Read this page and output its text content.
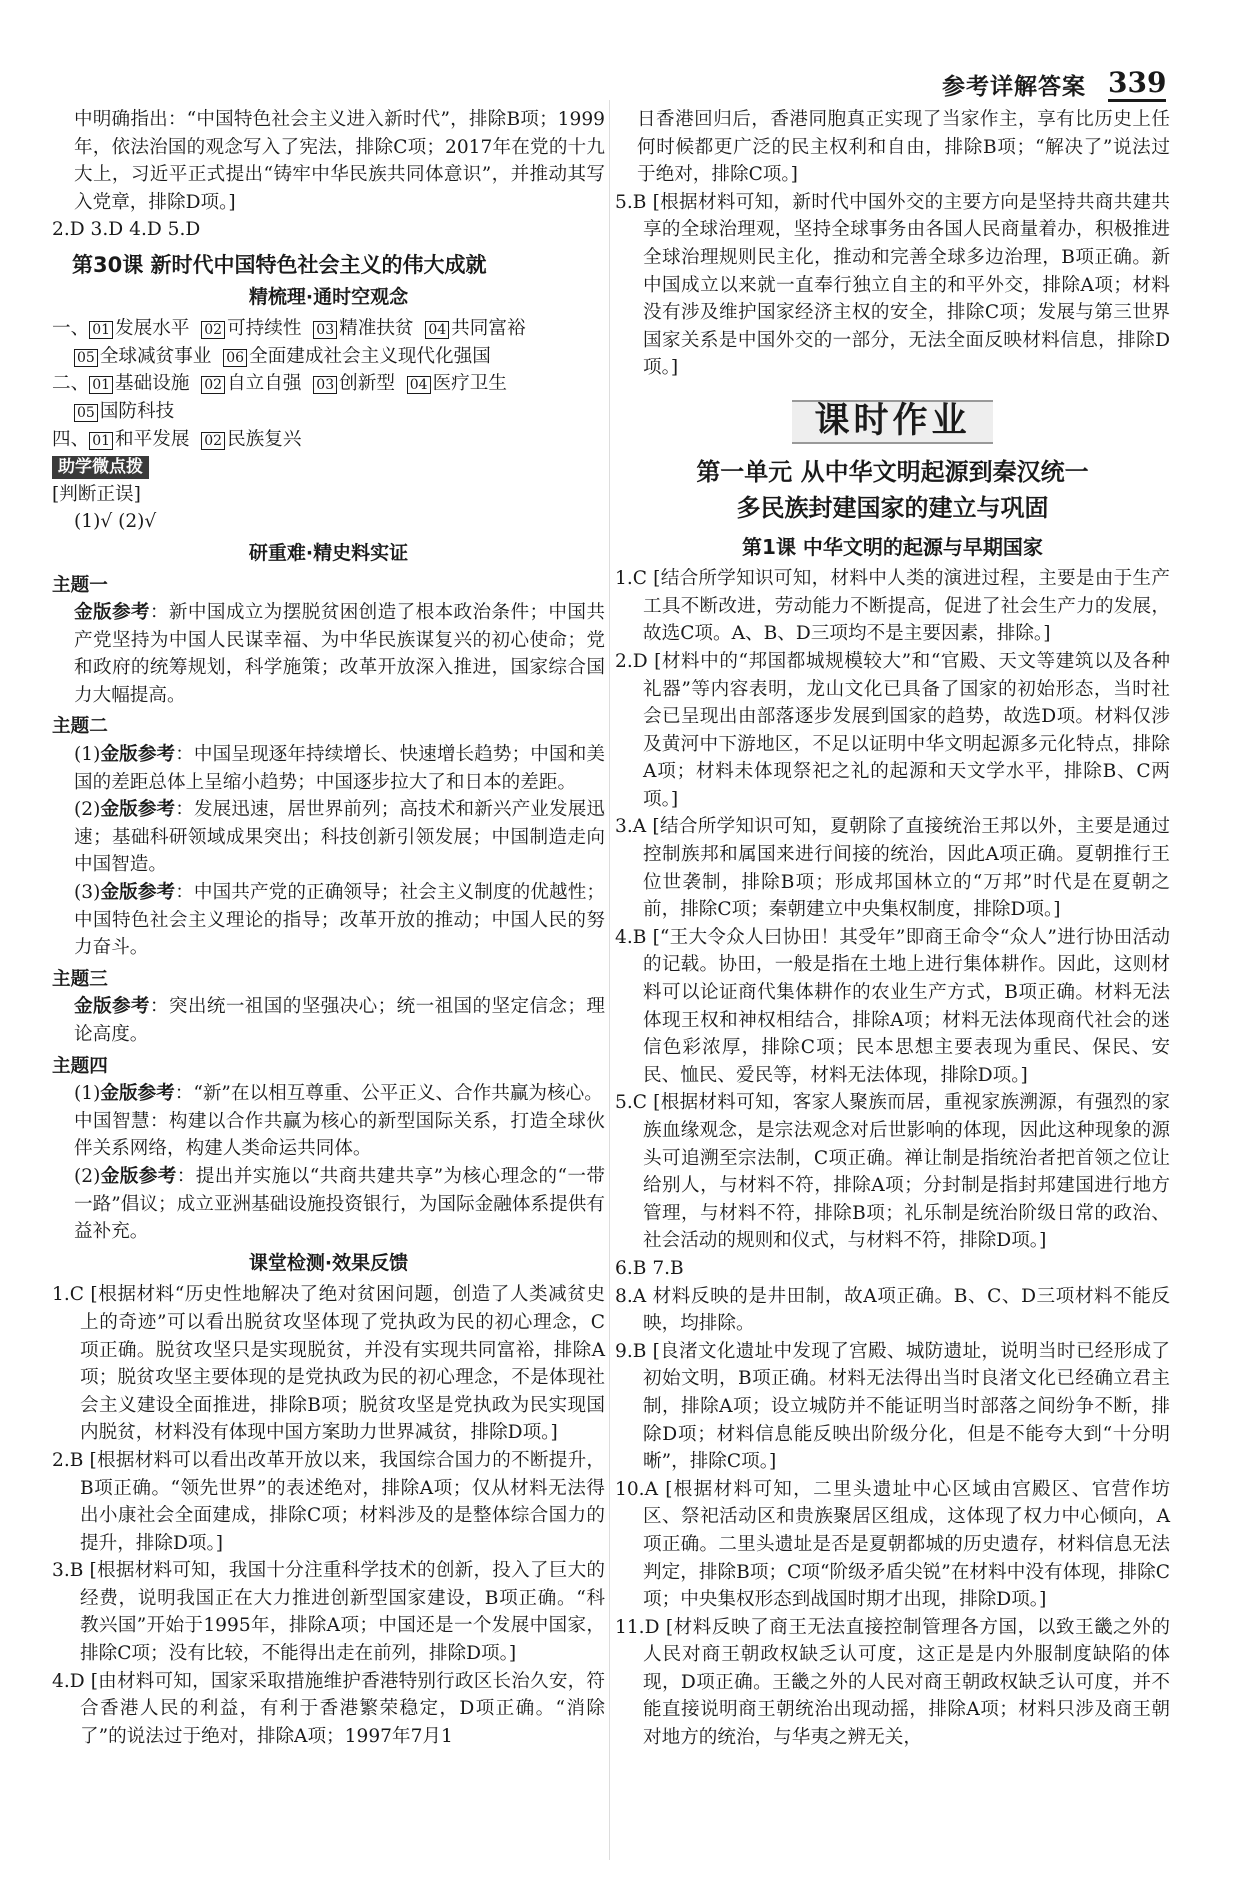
参考详解答案 339

中明确指出：“中国特色社会主义进入新时代”，排除B项；1999年，依法治国的观念写入了宪法，排除C项；2017年在党的十九大上，习近平正式提出“铸牢中华民族共同体意识”，并推动其写入党章，排除D项。]

2.D 3.D 4.D 5.D

第30课 新时代中国特色社会主义的伟大成就
精梳理·通时空观念

一、 01 发展水平 02 可持续性 03 精准扶贫 04 共同富裕

05 全球减贫事业 06 全面建成社会主义现代化强国

二、 01 基础设施 02 自立自强 03 创新型 04 医疗卫生

05 国防科技

四、 01 和平发展 02 民族复兴

助学微点拨

[判断正误]

(1)√ (2)√

研重难·精史料实证

主题一

金版参考：新中国成立为摆脱贫困创造了根本政治条件；中国共产党坚持为中国人民谋幸福、为中华民族谋复兴的初心使命；党和政府的统筹规划，科学施策；改革开放深入推进，国家综合国力大幅提高。

主题二

(1)金版参考：中国呈现逐年持续增长、快速增长趋势；中国和美国的差距总体上呈缩小趋势；中国逐步拉大了和日本的差距。

(2)金版参考：发展迅速，居世界前列；高技术和新兴产业发展迅速；基础科研领域成果突出；科技创新引领发展；中国制造走向中国智造。

(3)金版参考：中国共产党的正确领导；社会主义制度的优越性；中国特色社会主义理论的指导；改革开放的推动；中国人民的努力奋斗。

主题三

金版参考：突出统一祖国的坚强决心；统一祖国的坚定信念；理论高度。

主题四

(1)金版参考：“新”在以相互尊重、公平正义、合作共赢为核心。

中国智慧：构建以合作共赢为核心的新型国际关系，打造全球伙伴关系网络，构建人类命运共同体。

(2)金版参考：提出并实施以“共商共建共享”为核心理念的“一带一路”倡议；成立亚洲基础设施投资银行，为国际金融体系提供有益补充。

课堂检测·效果反馈

1.C [根据材料“历史性地解决了绝对贫困问题，创造了人类减贫史上的奇迹”可以看出脱贫攻坚体现了党执政为民的初心理念，C项正确。脱贫攻坚只是实现脱贫，并没有实现共同富裕，排除A项；脱贫攻坚主要体现的是党执政为民的初心理念，不是体现社会主义建设全面推进，排除B项；脱贫攻坚是党执政为民实现国内脱贫，材料没有体现中国方案助力世界减贫，排除D项。]

2.B [根据材料可以看出改革开放以来，我国综合国力的不断提升，B项正确。“领先世界”的表述绝对，排除A项；仅从材料无法得出小康社会全面建成，排除C项；材料涉及的是整体综合国力的提升，排除D项。]

3.B [根据材料可知，我国十分注重科学技术的创新，投入了巨大的经费，说明我国正在大力推进创新型国家建设，B项正确。“科教兴国”开始于1995年，排除A项；中国还是一个发展中国家，排除C项；没有比较，不能得出走在前列，排除D项。]

4.D [由材料可知，国家采取措施维护香港特别行政区长治久安，符合香港人民的利益，有利于香港繁荣稳定，D项正确。“消除了”的说法过于绝对，排除A项；1997年7月1

日香港回归后，香港同胞真正实现了当家作主，享有比历史上任何时候都更广泛的民主权利和自由，排除B项；“解决了”说法过于绝对，排除C项。]

5.B [根据材料可知，新时代中国外交的主要方向是坚持共商共建共享的全球治理观，坚持全球事务由各国人民商量着办，积极推进全球治理规则民主化，推动和完善全球多边治理，B项正确。新中国成立以来就一直奉行独立自主的和平外交，排除A项；材料没有涉及维护国家经济主权的安全，排除C项；发展与第三世界国家关系是中国外交的一部分，无法全面反映材料信息，排除D项。]

课时作业
第一单元 从中华文明起源到秦汉统一
多民族封建国家的建立与巩固
第1课 中华文明的起源与早期国家

1.C [结合所学知识可知，材料中人类的演进过程，主要是由于生产工具不断改进，劳动能力不断提高，促进了社会生产力的发展，故选C项。A、B、D三项均不是主要因素，排除。]

2.D [材料中的“邦国都城规模较大”和“官殿、天文等建筑以及各种礼器”等内容表明，龙山文化已具备了国家的初始形态，当时社会已呈现出由部落逐步发展到国家的趋势，故选D项。材料仅涉及黄河中下游地区，不足以证明中华文明起源多元化特点，排除A项；材料未体现祭祀之礼的起源和天文学水平，排除B、C两项。]

3.A [结合所学知识可知，夏朝除了直接统治王邦以外，主要是通过控制族邦和属国来进行间接的统治，因此A项正确。夏朝推行王位世袭制，排除B项；形成邦国林立的“万邦”时代是在夏朝之前，排除C项；秦朝建立中央集权制度，排除D项。]

4.B [“王大令众人曰协田！其受年”即商王命令“众人”进行协田活动的记载。协田，一般是指在土地上进行集体耕作。因此，这则材料可以论证商代集体耕作的农业生产方式，B项正确。材料无法体现王权和神权相结合，排除A项；材料无法体现商代社会的迷信色彩浓厚，排除C项；民本思想主要表现为重民、保民、安民、恤民、爱民等，材料无法体现，排除D项。]

5.C [根据材料可知，客家人聚族而居，重视家族溯源，有强烈的家族血缘观念，是宗法观念对后世影响的体现，因此这种现象的源头可追溯至宗法制，C项正确。禅让制是指统治者把首领之位让给别人，与材料不符，排除A项；分封制是指封邦建国进行地方管理，与材料不符，排除B项；礼乐制是统治阶级日常的政治、社会活动的规则和仪式，与材料不符，排除D项。]

6.B 7.B

8.A 材料反映的是井田制，故A项正确。B、C、D三项材料不能反映，均排除。

9.B [良渚文化遗址中发现了宫殿、城防遗址，说明当时已经形成了初始文明，B项正确。材料无法得出当时良渚文化已经确立君主制，排除A项；设立城防并不能证明当时部落之间纷争不断，排除D项；材料信息能反映出阶级分化，但是不能夸大到“十分明晰”，排除C项。]

10.A [根据材料可知，二里头遗址中心区域由宫殿区、官营作坊区、祭祀活动区和贵族聚居区组成，这体现了权力中心倾向，A项正确。二里头遗址是否是夏朝都城的历史遗存，材料信息无法判定，排除B项；C项“阶级矛盾尖锐”在材料中没有体现，排除C项；中央集权形态到战国时期才出现，排除D项。]

11.D [材料反映了商王无法直接控制管理各方国，以致王畿之外的人民对商王朝政权缺乏认可度，这正是是内外服制度缺陷的体现，D项正确。王畿之外的人民对商王朝政权缺乏认可度，并不能直接说明商王朝统治出现动摇，排除A项；材料只涉及商王朝对地方的统治，与华夷之辨无关，
